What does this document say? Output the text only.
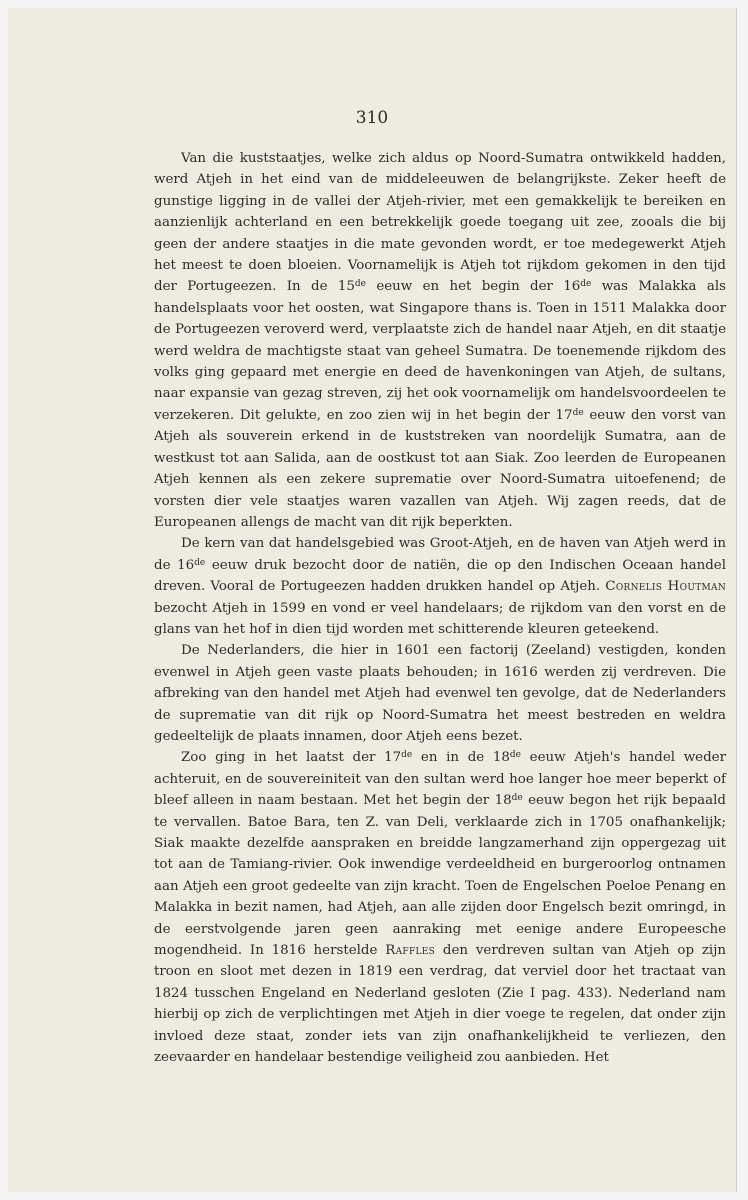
310

Van die kuststaatjes, welke zich aldus op Noord-Sumatra ontwikkeld hadden, werd Atjeh in het eind van de middeleeuwen de belangrijkste. Zeker heeft de gunstige ligging in de vallei der Atjeh-rivier, met een gemakkelijk te bereiken en aanzienlijk achterland en een betrekkelijk goede toegang uit zee, zooals die bij geen der andere staatjes in die mate gevonden wordt, er toe medegewerkt Atjeh het meest te doen bloeien. Voornamelijk is Atjeh tot rijkdom gekomen in den tijd der Portugeezen. In de 15de eeuw en het begin der 16de was Malakka als handelsplaats voor het oosten, wat Singapore thans is. Toen in 1511 Malakka door de Portugeezen veroverd werd, verplaatste zich de handel naar Atjeh, en dit staatje werd weldra de machtigste staat van geheel Sumatra. De toenemende rijkdom des volks ging gepaard met energie en deed de havenkoningen van Atjeh, de sultans, naar expansie van gezag streven, zij het ook voornamelijk om handelsvoordeelen te verzekeren. Dit gelukte, en zoo zien wij in het begin der 17de eeuw den vorst van Atjeh als souverein erkend in de kuststreken van noordelijk Sumatra, aan de westkust tot aan Salida, aan de oostkust tot aan Siak. Zoo leerden de Europeanen Atjeh kennen als een zekere suprematie over Noord-Sumatra uitoefenend; de vorsten dier vele staatjes waren vazallen van Atjeh. Wij zagen reeds, dat de Europeanen allengs de macht van dit rijk beperkten.

De kern van dat handelsgebied was Groot-Atjeh, en de haven van Atjeh werd in de 16de eeuw druk bezocht door de natiën, die op den Indischen Oceaan handel dreven. Vooral de Portugeezen hadden drukken handel op Atjeh. Cornelis Houtman bezocht Atjeh in 1599 en vond er veel handelaars; de rijkdom van den vorst en de glans van het hof in dien tijd worden met schitterende kleuren geteekend.

De Nederlanders, die hier in 1601 een factorij (Zeeland) vestigden, konden evenwel in Atjeh geen vaste plaats behouden; in 1616 werden zij verdreven. Die afbreking van den handel met Atjeh had evenwel ten gevolge, dat de Nederlanders de suprematie van dit rijk op Noord-Sumatra het meest bestreden en weldra gedeeltelijk de plaats innamen, door Atjeh eens bezet.

Zoo ging in het laatst der 17de en in de 18de eeuw Atjeh's handel weder achteruit, en de souvereiniteit van den sultan werd hoe langer hoe meer beperkt of bleef alleen in naam bestaan. Met het begin der 18de eeuw begon het rijk bepaald te vervallen. Batoe Bara, ten Z. van Deli, verklaarde zich in 1705 onafhankelijk; Siak maakte dezelfde aanspraken en breidde langzamerhand zijn oppergezag uit tot aan de Tamiang-rivier. Ook inwendige verdeeldheid en burgeroorlog ontnamen aan Atjeh een groot gedeelte van zijn kracht. Toen de Engelschen Poeloe Penang en Malakka in bezit namen, had Atjeh, aan alle zijden door Engelsch bezit omringd, in de eerstvolgende jaren geen aanraking met eenige andere Europeesche mogendheid. In 1816 herstelde Raffles den verdreven sultan van Atjeh op zijn troon en sloot met dezen in 1819 een verdrag, dat verviel door het tractaat van 1824 tusschen Engeland en Nederland gesloten (Zie I pag. 433). Nederland nam hierbij op zich de verplichtingen met Atjeh in dier voege te regelen, dat onder zijn invloed deze staat, zonder iets van zijn onafhankelijkheid te verliezen, den zeevaarder en handelaar bestendige veiligheid zou aanbieden. Het
